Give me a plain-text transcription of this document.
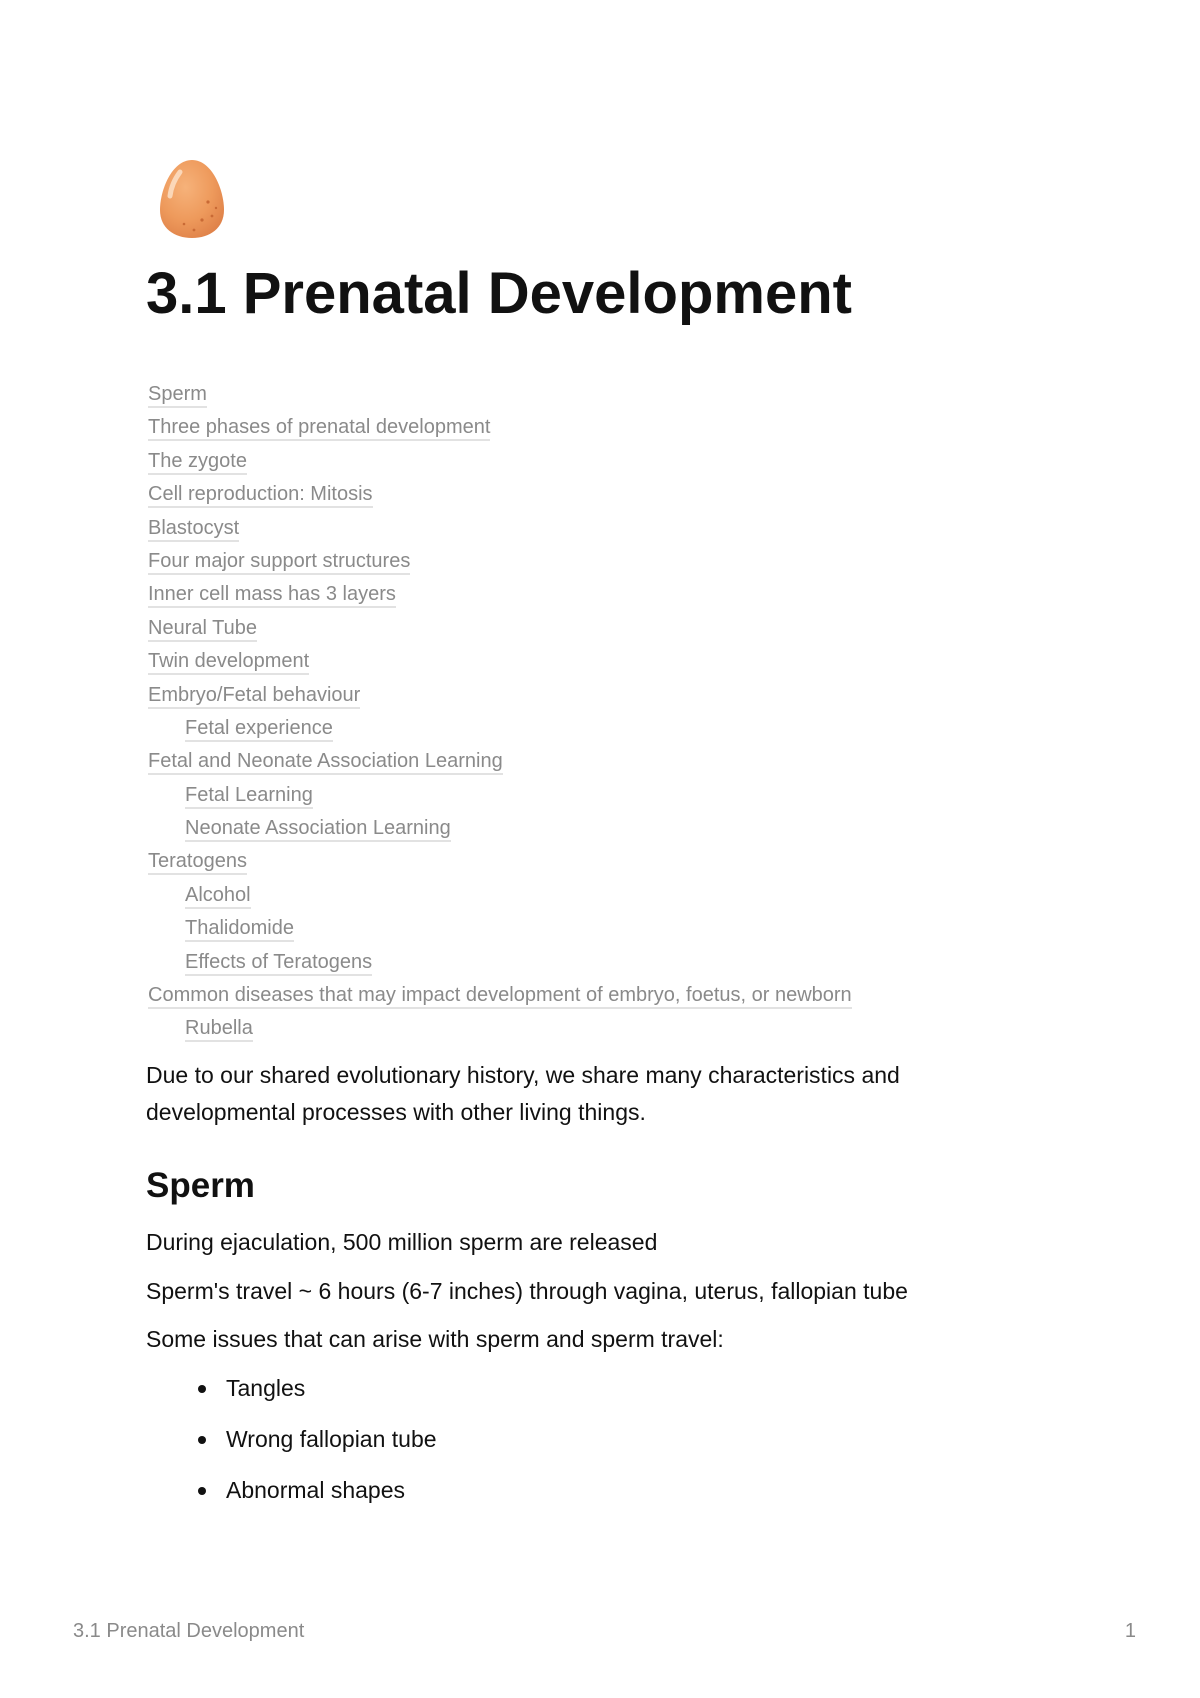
3.1 Prenatal Development
Sperm
Three phases of prenatal development
The zygote
Cell reproduction: Mitosis
Blastocyst
Four major support structures
Inner cell mass has 3 layers
Neural Tube
Twin development
Embryo/Fetal behaviour
Fetal experience
Fetal and Neonate Association Learning
Fetal Learning
Neonate Association Learning
Teratogens
Alcohol
Thalidomide
Effects of Teratogens
Common diseases that may impact development of embryo, foetus, or newborn
Rubella

Due to our shared evolutionary history, we share many characteristics and developmental processes with other living things.

Sperm

During ejaculation, 500 million sperm are released

Sperm's travel ~ 6 hours (6-7 inches) through vagina, uterus, fallopian tube

Some issues that can arise with sperm and sperm travel:

Tangles
Wrong fallopian tube
Abnormal shapes
3.1 Prenatal Development	1
